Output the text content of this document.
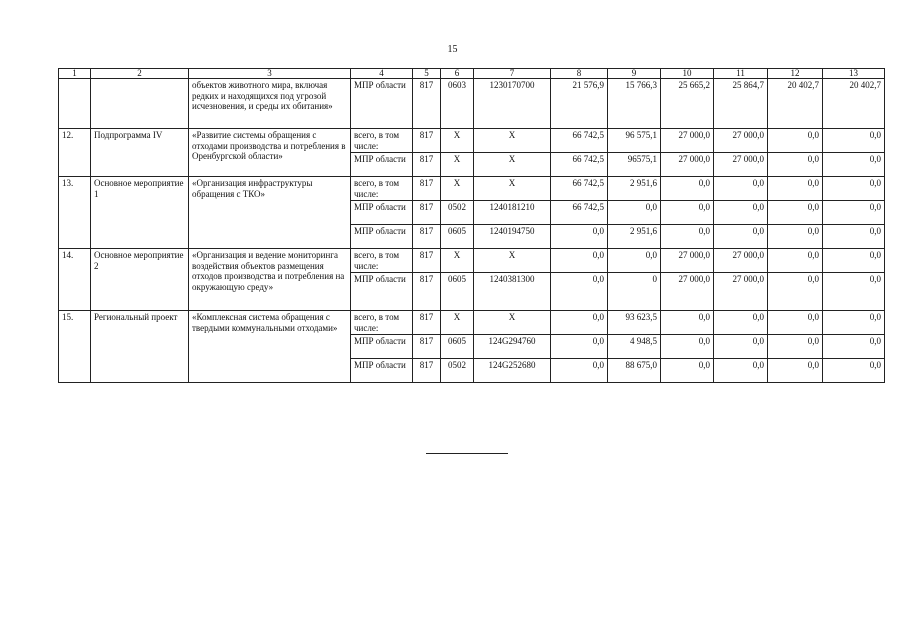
15
1	2	3	4	5	6	7	8	9	10	11	12	13
		объектов животного мира, включая редких и находящихся под угрозой исчезновения, и среды их обитания»	МПР области	817	0603	1230170700	21 576,9	15 766,3	25 665,2	25 864,7	20 402,7	20 402,7
12.	Подпрограмма IV	«Развитие системы обращения с отходами производства и потребления в Оренбургской области»	всего, в том числе:	817	Х	Х	66 742,5	96 575,1	27 000,0	27 000,0	0,0	0,0
			МПР области	817	Х	Х	66 742,5	96575,1	27 000,0	27 000,0	0,0	0,0
13.	Основное мероприятие 1	«Организация инфраструктуры обращения с ТКО»	всего, в том числе:	817	Х	Х	66 742,5	2 951,6	0,0	0,0	0,0	0,0
			МПР области	817	0502	1240181210	66 742,5	0,0	0,0	0,0	0,0	0,0
			МПР области	817	0605	1240194750	0,0	2 951,6	0,0	0,0	0,0	0,0
14.	Основное мероприятие 2	«Организация и ведение мониторинга воздействия объектов размещения отходов производства и потребления на окружающую среду»	всего, в том числе:	817	Х	Х	0,0	0,0	27 000,0	27 000,0	0,0	0,0
			МПР области	817	0605	1240381300	0,0	0	27 000,0	27 000,0	0,0	0,0
15.	Региональный проект	«Комплексная система обращения с твердыми коммунальными отходами»	всего, в том числе:	817	Х	Х	0,0	93 623,5	0,0	0,0	0,0	0,0
			МПР области	817	0605	124G294760	0,0	4 948,5	0,0	0,0	0,0	0,0
			МПР области	817	0502	124G252680	0,0	88 675,0	0,0	0,0	0,0	0,0
